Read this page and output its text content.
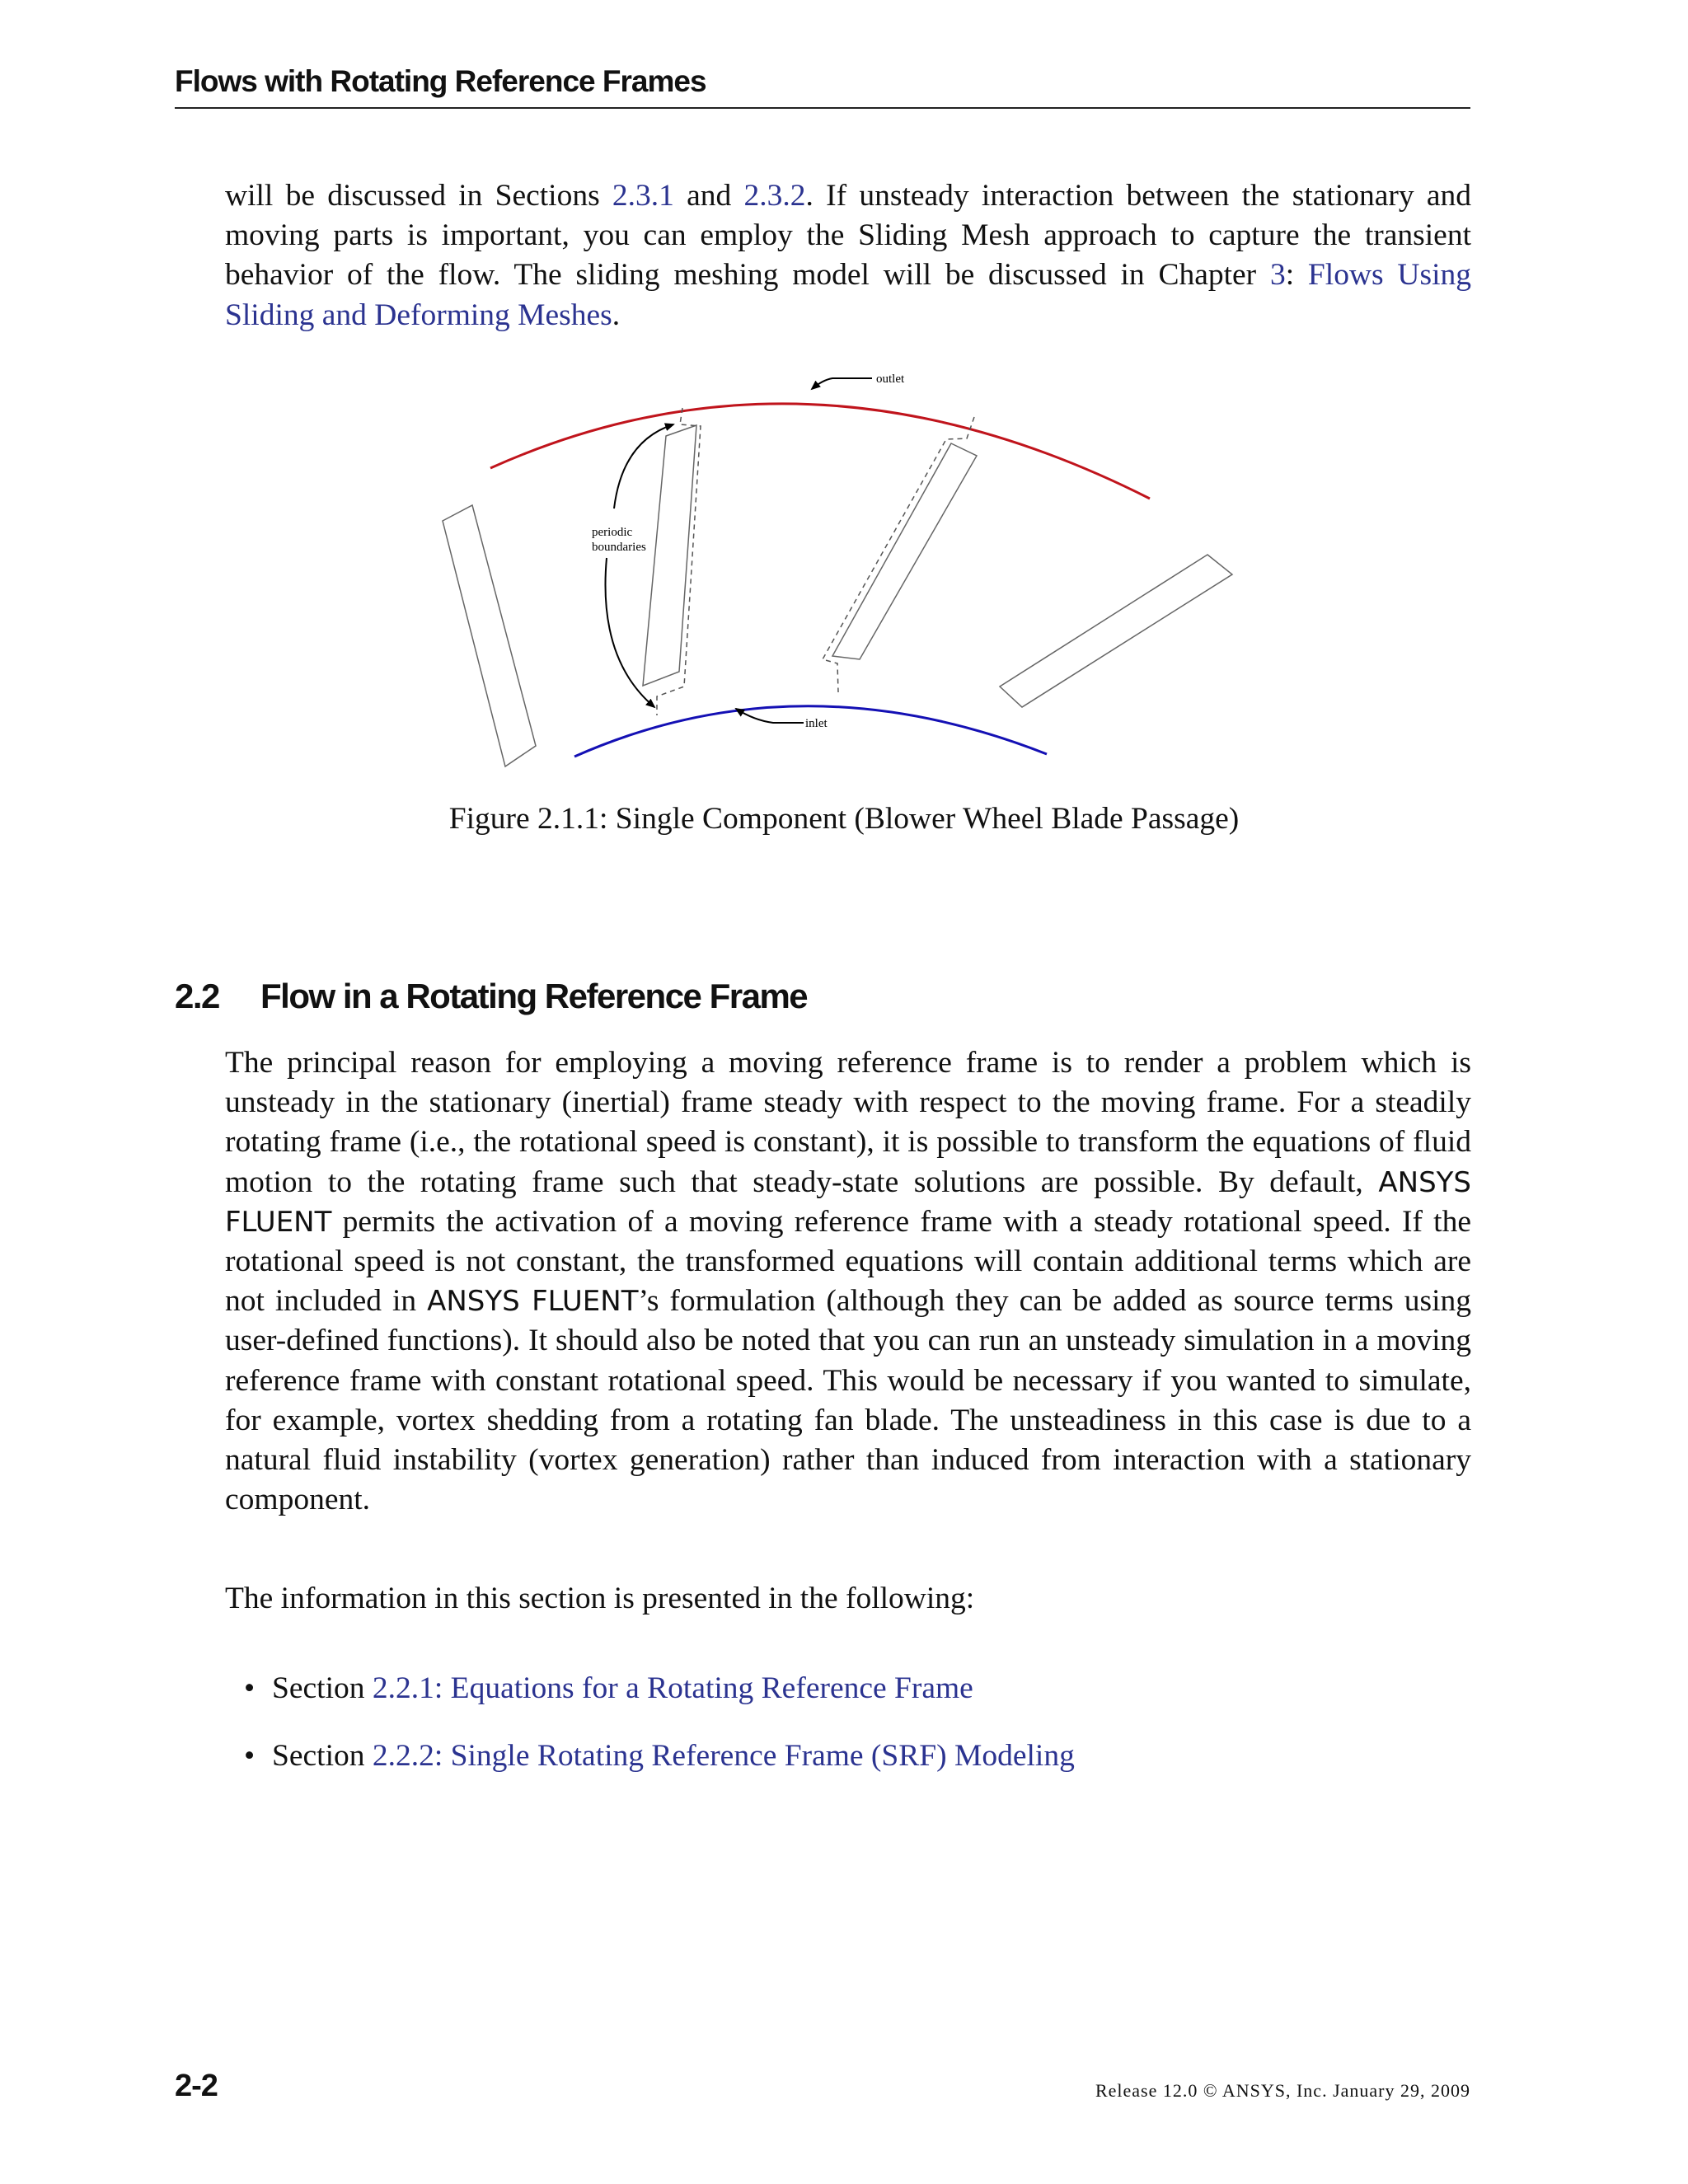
Flows with Rotating Reference Frames

will be discussed in Sections 2.3.1 and 2.3.2. If unsteady interaction between the stationary and moving parts is important, you can employ the Sliding Mesh approach to capture the transient behavior of the flow. The sliding meshing model will be discussed in Chapter 3: Flows Using Sliding and Deforming Meshes.

outlet
periodic
boundaries
inlet
Figure 2.1.1: Single Component (Blower Wheel Blade Passage)
2.2 Flow in a Rotating Reference Frame

The principal reason for employing a moving reference frame is to render a problem which is unsteady in the stationary (inertial) frame steady with respect to the moving frame. For a steadily rotating frame (i.e., the rotational speed is constant), it is possible to transform the equations of fluid motion to the rotating frame such that steady-state solutions are possible. By default, ANSYS FLUENT permits the activation of a moving reference frame with a steady rotational speed. If the rotational speed is not constant, the transformed equations will contain additional terms which are not included in ANSYS FLUENT’s formulation (although they can be added as source terms using user-defined functions). It should also be noted that you can run an unsteady simulation in a moving reference frame with constant rotational speed. This would be necessary if you wanted to simulate, for example, vortex shedding from a rotating fan blade. The unsteadiness in this case is due to a natural fluid instability (vortex generation) rather than induced from interaction with a stationary component.

The information in this section is presented in the following:

• Section 2.2.1: Equations for a Rotating Reference Frame
• Section 2.2.2: Single Rotating Reference Frame (SRF) Modeling
2-2	Release 12.0 © ANSYS, Inc. January 29, 2009
